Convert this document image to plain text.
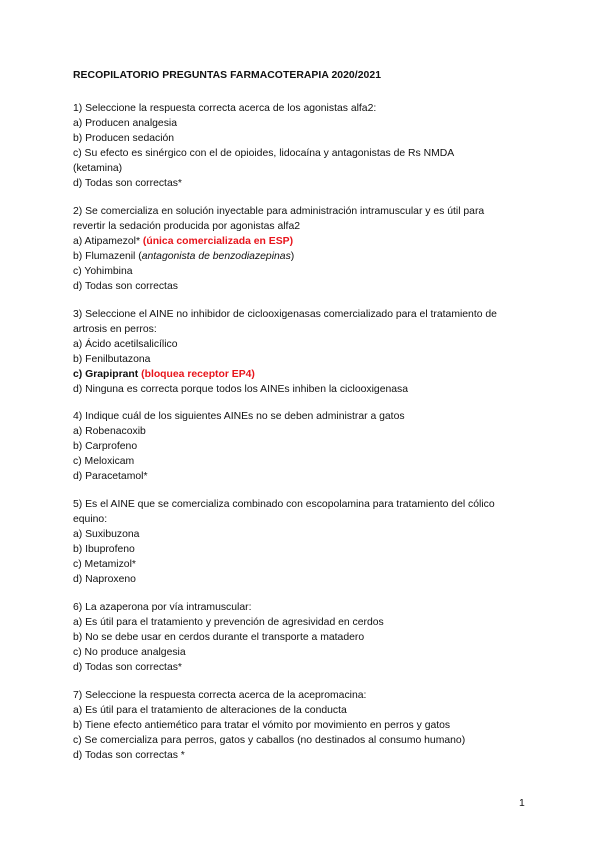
RECOPILATORIO PREGUNTAS FARMACOTERAPIA 2020/2021
1) Seleccione la respuesta correcta acerca de los agonistas alfa2:
a) Producen analgesia
b) Producen sedación
c) Su efecto es sinérgico con el de opioides, lidocaína y antagonistas de Rs NMDA
(ketamina)
d) Todas son correctas*
2) Se comercializa en solución inyectable para administración intramuscular y es útil para
revertir la sedación producida por agonistas alfa2
a) Atipamezol* (única comercializada en ESP)
b) Flumazenil (antagonista de benzodiazepinas)
c) Yohimbina
d) Todas son correctas
3) Seleccione el AINE no inhibidor de ciclooxigenasas comercializado para el tratamiento de
artrosis en perros:
a) Ácido acetilsalicílico
b) Fenilbutazona
c) Grapiprant (bloquea receptor EP4)
d) Ninguna es correcta porque todos los AINEs inhiben la ciclooxigenasa
4) Indique cuál de los siguientes AINEs no se deben administrar a gatos
a) Robenacoxib
b) Carprofeno
c) Meloxicam
d) Paracetamol*
5) Es el AINE que se comercializa combinado con escopolamina para tratamiento del cólico
equino:
a) Suxibuzona
b) Ibuprofeno
c) Metamizol*
d) Naproxeno
6) La azaperona por vía intramuscular:
a) Es útil para el tratamiento y prevención de agresividad en cerdos
b) No se debe usar en cerdos durante el transporte a matadero
c) No produce analgesia
d) Todas son correctas*
7) Seleccione la respuesta correcta acerca de la acepromacina:
a) Es útil para el tratamiento de alteraciones de la conducta
b) Tiene efecto antiemético para tratar el vómito por movimiento en perros y gatos
c) Se comercializa para perros, gatos y caballos (no destinados al consumo humano)
d) Todas son correctas *
1
